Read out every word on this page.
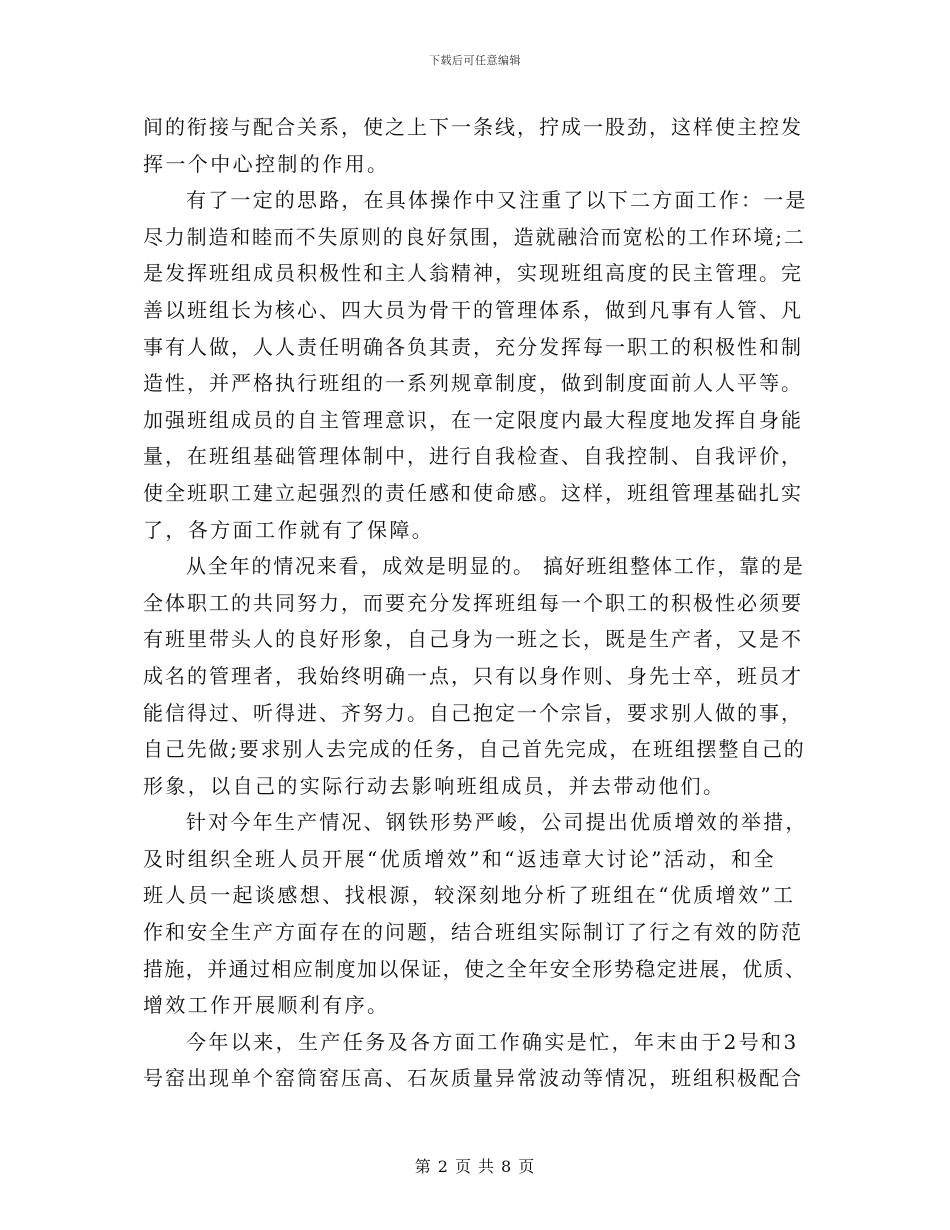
下载后可任意编辑
间的衔接与配合关系，使之上下一条线，拧成一股劲，这样使主控发
挥一个中心控制的作用。
有了一定的思路，在具体操作中又注重了以下二方面工作：一是
尽力制造和睦而不失原则的良好氛围，造就融洽而宽松的工作环境;二
是发挥班组成员积极性和主人翁精神，实现班组高度的民主管理。完
善以班组长为核心、四大员为骨干的管理体系，做到凡事有人管、凡
事有人做，人人责任明确各负其责，充分发挥每一职工的积极性和制
造性，并严格执行班组的一系列规章制度，做到制度面前人人平等。
加强班组成员的自主管理意识，在一定限度内最大程度地发挥自身能
量，在班组基础管理体制中，进行自我检查、自我控制、自我评价，
使全班职工建立起强烈的责任感和使命感。这样，班组管理基础扎实
了，各方面工作就有了保障。
从全年的情况来看，成效是明显的。 搞好班组整体工作，靠的是
全体职工的共同努力，而要充分发挥班组每一个职工的积极性必须要
有班里带头人的良好形象，自己身为一班之长，既是生产者，又是不
成名的管理者，我始终明确一点，只有以身作则、身先士卒，班员才
能信得过、听得进、齐努力。自己抱定一个宗旨，要求别人做的事，
自己先做;要求别人去完成的任务，自己首先完成，在班组摆整自己的
形象，以自己的实际行动去影响班组成员，并去带动他们。
针对今年生产情况、钢铁形势严峻，公司提出优质增效的举措，
及时组织全班人员开展“优质增效”和“返违章大讨论”活动，和全
班人员一起谈感想、找根源，较深刻地分析了班组在“优质增效”工
作和安全生产方面存在的问题，结合班组实际制订了行之有效的防范
措施，并通过相应制度加以保证，使之全年安全形势稳定进展，优质、
增效工作开展顺利有序。
今年以来，生产任务及各方面工作确实是忙，年末由于2号和3
号窑出现单个窑筒窑压高、石灰质量异常波动等情况，班组积极配合
第 2 页 共 8 页
